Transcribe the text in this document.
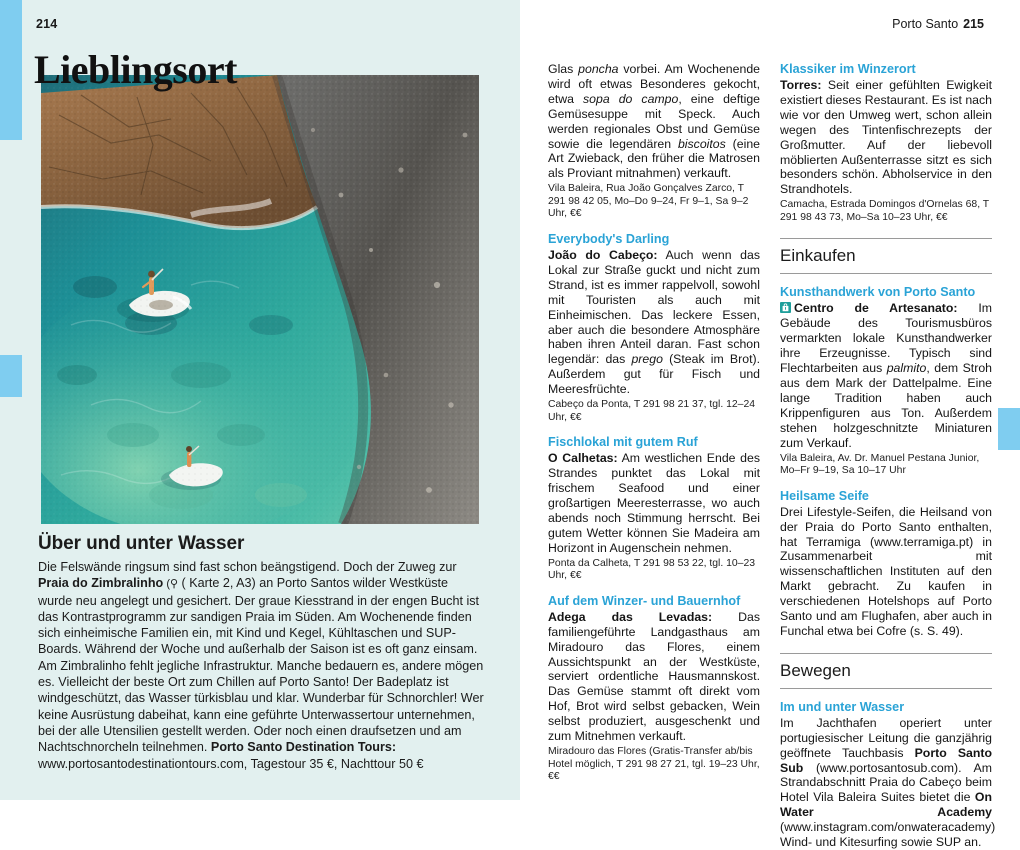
214
Lieblingsort
Über und unter Wasser

Die Felswände ringsum sind fast schon beängstigend. Doch der Zuweg zur Praia do Zimbralinho (⚲ ( Karte 2, A3) an Porto Santos wilder Westküste wurde neu angelegt und gesichert. Der graue Kiesstrand in der engen Bucht ist das Kontrastprogramm zur sandigen Praia im Süden. Am Wochenende finden sich einheimische Familien ein, mit Kind und Kegel, Kühltaschen und SUP-Boards. Während der Woche und außerhalb der Saison ist es oft ganz einsam. Am Zimbralinho fehlt jegliche Infrastruktur. Manche bedauern es, andere mögen es. Vielleicht der beste Ort zum Chillen auf Porto Santo! Der Badeplatz ist windgeschützt, das Wasser türkisblau und klar. Wunderbar für Schnorchler! Wer keine Ausrüstung dabeihat, kann eine geführte Unterwassertour unternehmen, bei der alle Utensilien gestellt werden. Oder noch einen draufsetzen und am Nachtschnorcheln teilnehmen. Porto Santo Destination Tours: www.portosantodestinationtours.com, Tagestour 35 €, Nachttour 50 €

Porto Santo 215

Glas poncha vorbei. Am Wochenende wird oft etwas Besonderes gekocht, etwa sopa do campo, eine deftige Gemüsesuppe mit Speck. Auch werden regionales Obst und Gemüse sowie die legendären biscoitos (eine Art Zwieback, den früher die Matrosen als Proviant mitnahmen) verkauft.

Vila Baleira, Rua João Gonçalves Zarco, T 291 98 42 05, Mo–Do 9–24, Fr 9–1, Sa 9–2 Uhr, €€
Everybody's Darling

João do Cabeço: Auch wenn das Lokal zur Straße guckt und nicht zum Strand, ist es immer rappelvoll, sowohl mit Touristen als auch mit Einheimischen. Das leckere Essen, aber auch die besondere Atmosphäre haben ihren Anteil daran. Fast schon legendär: das prego (Steak im Brot). Außerdem gut für Fisch und Meeresfrüchte.

Cabeço da Ponta, T 291 98 21 37, tgl. 12–24 Uhr, €€
Fischlokal mit gutem Ruf

O Calhetas: Am westlichen Ende des Strandes punktet das Lokal mit frischem Seafood und einer großartigen Meeresterrasse, wo auch abends noch Stimmung herrscht. Bei gutem Wetter können Sie Madeira am Horizont in Augenschein nehmen.

Ponta da Calheta, T 291 98 53 22, tgl. 10–23 Uhr, €€
Auf dem Winzer- und Bauernhof

Adega das Levadas: Das familiengeführte Landgasthaus am Miradouro das Flores, einem Aussichtspunkt an der Westküste, serviert ordentliche Hausmannskost. Das Gemüse stammt oft direkt vom Hof, Brot wird selbst gebacken, Wein selbst produziert, ausgeschenkt und zum Mitnehmen verkauft.

Miradouro das Flores (Gratis-Transfer ab/bis Hotel möglich, T 291 98 27 21, tgl. 19–23 Uhr, €€
Klassiker im Winzerort

Torres: Seit einer gefühlten Ewigkeit existiert dieses Restaurant. Es ist nach wie vor den Umweg wert, schon allein wegen des Tintenfischrezepts der Großmutter. Auf der liebevoll möblierten Außenterrasse sitzt es sich besonders schön. Abholservice in den Strandhotels.

Camacha, Estrada Domingos d'Ornelas 68, T 291 98 43 73, Mo–Sa 10–23 Uhr, €€
Einkaufen
Kunsthandwerk von Porto Santo

Centro de Artesanato: Im Gebäude des Tourismusbüros vermarkten lokale Kunsthandwerker ihre Erzeugnisse. Typisch sind Flechtarbeiten aus palmito, dem Stroh aus dem Mark der Dattelpalme. Eine lange Tradition haben auch Krippenfiguren aus Ton. Außerdem stehen holzgeschnitzte Miniaturen zum Verkauf.

Vila Baleira, Av. Dr. Manuel Pestana Junior, Mo–Fr 9–19, Sa 10–17 Uhr
Heilsame Seife

Drei Lifestyle-Seifen, die Heilsand von der Praia do Porto Santo enthalten, hat Terramiga (www.terramiga.pt) in Zusammenarbeit mit wissenschaftlichen Instituten auf den Markt gebracht. Zu kaufen in verschiedenen Hotelshops auf Porto Santo und am Flughafen, aber auch in Funchal etwa bei Cofre (s. S. 49).

Bewegen
Im und unter Wasser

Im Jachthafen operiert unter portugiesischer Leitung die ganzjährig geöffnete Tauchbasis Porto Santo Sub (www.portosantosub.com). Am Strandabschnitt Praia do Cabeço beim Hotel Vila Baleira Suites bietet die On Water Academy (www.instagram.com/onwateracademy) Wind- und Kitesurfing sowie SUP an.
